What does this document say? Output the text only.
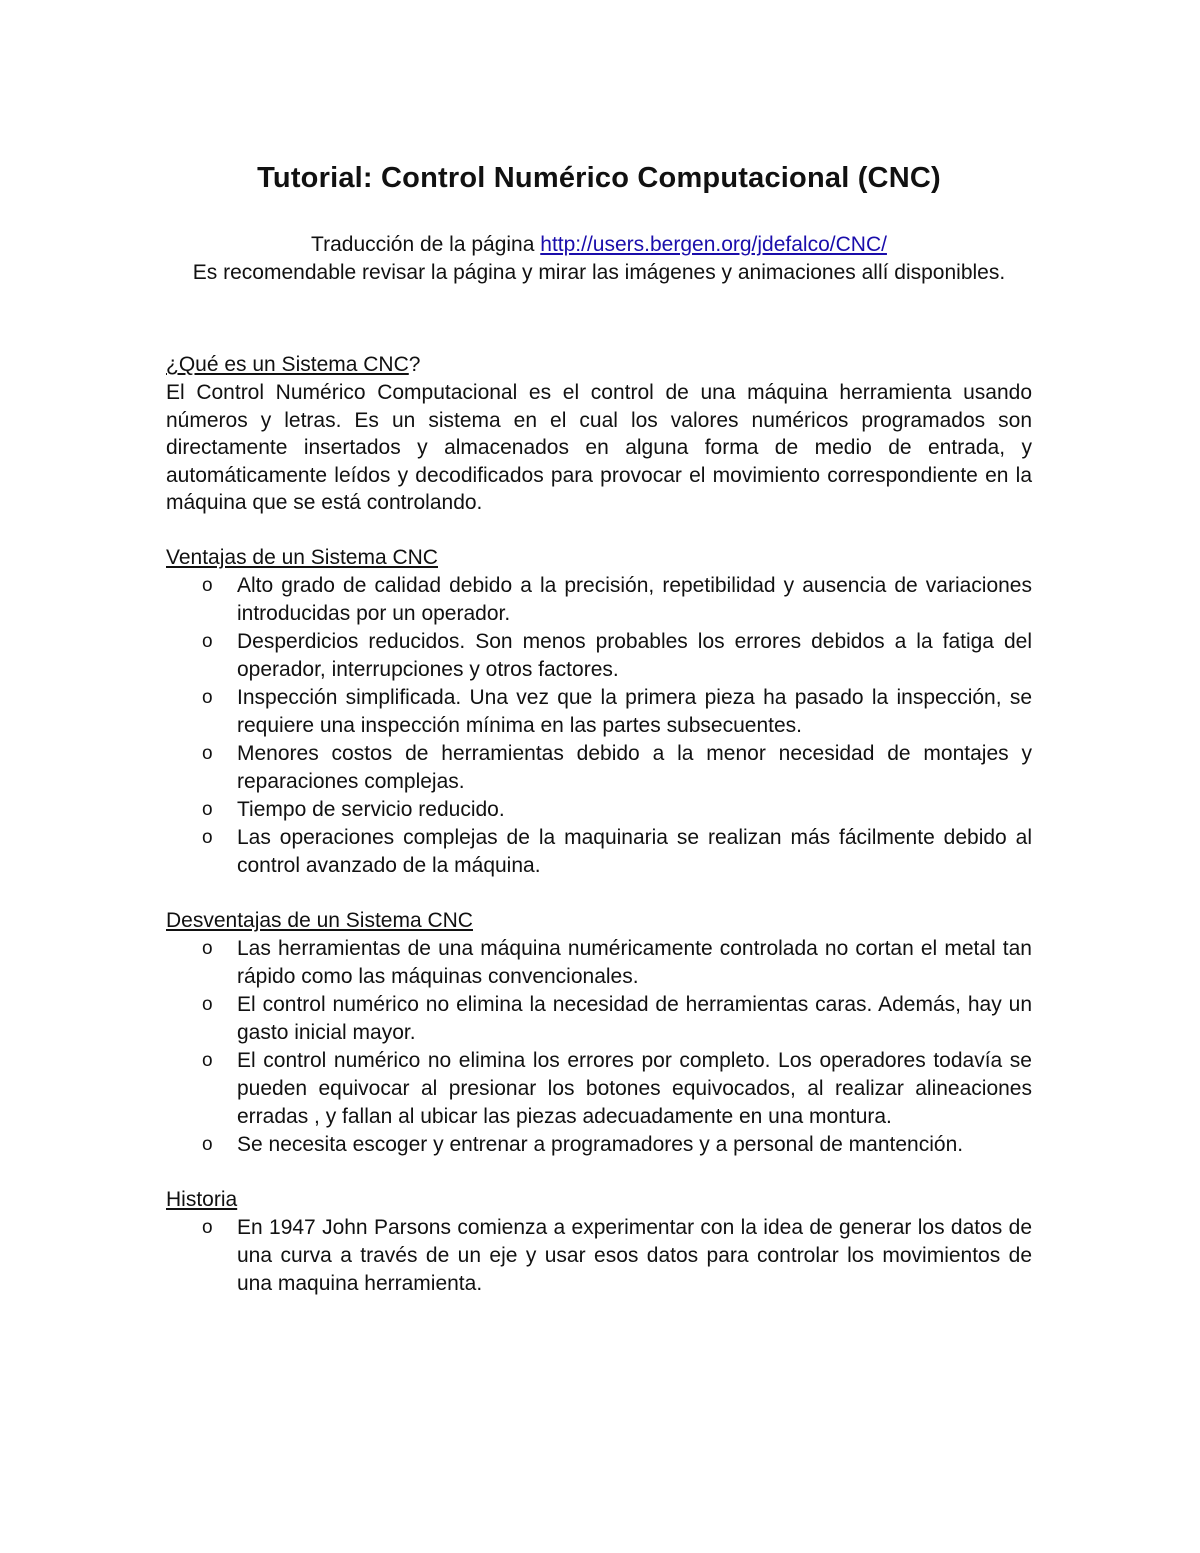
Tutorial: Control Numérico Computacional (CNC)

Traducción de la página http://users.bergen.org/jdefalco/CNC/

Es recomendable revisar la página y mirar las imágenes y animaciones allí disponibles.

¿Qué es un Sistema CNC?

El Control Numérico Computacional es el control de una máquina herramienta usando números y letras. Es un sistema en el cual los valores numéricos programados son directamente insertados y almacenados en alguna forma de medio de entrada, y automáticamente leídos y decodificados para provocar el movimiento correspondiente en la máquina que se está controlando.

Ventajas de un Sistema CNC

o Alto grado de calidad debido a la precisión, repetibilidad y ausencia de variaciones introducidas por un operador.
o Desperdicios reducidos. Son menos probables los errores debidos a la fatiga del operador, interrupciones y otros factores.
o Inspección simplificada. Una vez que la primera pieza ha pasado la inspección, se requiere una inspección mínima en las partes subsecuentes.
o Menores costos de herramientas debido a la menor necesidad de montajes y reparaciones complejas.
o Tiempo de servicio reducido.
o Las operaciones complejas de la maquinaria se realizan más fácilmente debido al control avanzado de la máquina.

Desventajas de un Sistema CNC

o Las herramientas de una máquina numéricamente controlada no cortan el metal tan rápido como las máquinas convencionales.
o El control numérico no elimina la necesidad de herramientas caras. Además, hay un gasto inicial mayor.
o El control numérico no elimina los errores por completo. Los operadores todavía se pueden equivocar al presionar los botones equivocados, al realizar alineaciones erradas , y fallan al ubicar las piezas adecuadamente en una montura.
o Se necesita escoger y entrenar a programadores y a personal de mantención.

Historia

o En 1947 John Parsons comienza a experimentar con la idea de generar los datos de una curva a través de un eje y usar esos datos para controlar los movimientos de una maquina herramienta.
